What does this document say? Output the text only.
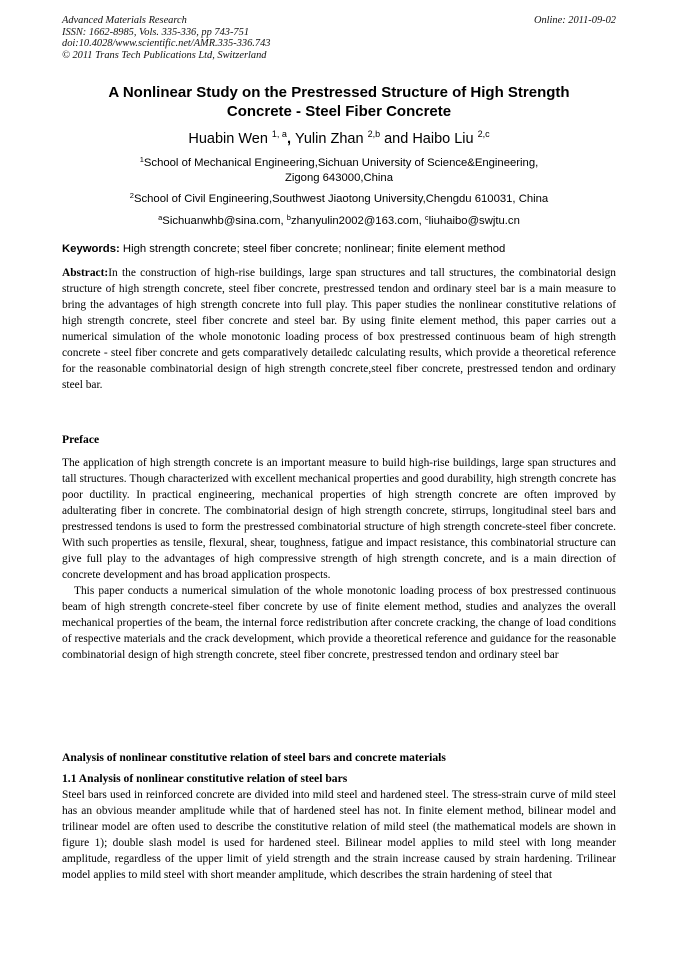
Advanced Materials Research
ISSN: 1662-8985, Vols. 335-336, pp 743-751
doi:10.4028/www.scientific.net/AMR.335-336.743
© 2011 Trans Tech Publications Ltd, Switzerland
Online: 2011-09-02
A Nonlinear Study on the Prestressed Structure of High Strength
Concrete - Steel Fiber Concrete
Huabin Wen $^{1, a}$, Yulin Zhan $^{2,b}$ and Haibo Liu $^{2,c}$
$^1$School of Mechanical Engineering,Sichuan University of Science&Engineering,
Zigong 643000,China
$^2$School of Civil Engineering,Southwest Jiaotong University,Chengdu 610031, China
$^a$Sichuanwhb@sina.com, $^b$zhanyulin2002@163.com, $^c$liuhaibo@swjtu.cn
Keywords: High strength concrete; steel fiber concrete; nonlinear; finite element method

Abstract:In the construction of high-rise buildings, large span structures and tall structures, the combinatorial design structure of high strength concrete, steel fiber concrete, prestressed tendon and ordinary steel bar is a main measure to bring the advantages of high strength concrete into full play. This paper studies the nonlinear constitutive relations of high strength concrete, steel fiber concrete and steel bar. By using finite element method, this paper carries out a numerical simulation of the whole monotonic loading process of box prestressed continuous beam of high strength concrete - steel fiber concrete and gets comparatively detailedc calculating results, which provide a theoretical reference for the reasonable combinatorial design of high strength concrete,steel fiber concrete, prestressed tendon and ordinary steel bar.

Preface

The application of high strength concrete is an important measure to build high-rise buildings, large span structures and tall structures. Though characterized with excellent mechanical properties and good durability, high strength concrete has poor ductility. In practical engineering, mechanical properties of high strength concrete are often improved by adulterating fiber in concrete. The combinatorial design of high strength concrete, stirrups, longitudinal steel bars and prestressed tendons is used to form the prestressed combinatorial structure of high strength concrete-steel fiber concrete. With such properties as tensile, flexural, shear, toughness, fatigue and impact resistance, this combinatorial structure can give full play to the advantages of high compressive strength of high strength concrete, and is a main direction of concrete development and has broad application prospects.

This paper conducts a numerical simulation of the whole monotonic loading process of box prestressed continuous beam of high strength concrete-steel fiber concrete by use of finite element method, studies and analyzes the overall mechanical properties of the beam, the internal force redistribution after concrete cracking, the change of load conditions of respective materials and the crack development, which provide a theoretical reference and guidance for the reasonable combinatorial design of high strength concrete, steel fiber concrete, prestressed tendon and ordinary steel bar

Analysis of nonlinear constitutive relation of steel bars and concrete materials
1.1 Analysis of nonlinear constitutive relation of steel bars

Steel bars used in reinforced concrete are divided into mild steel and hardened steel. The stress-strain curve of mild steel has an obvious meander amplitude while that of hardened steel has not. In finite element method, bilinear model and trilinear model are often used to describe the constitutive relation of mild steel (the mathematical models are shown in figure 1); double slash model is used for hardened steel. Bilinear model applies to mild steel with long meander amplitude, regardless of the upper limit of yield strength and the strain increase caused by strain hardening. Trilinear model applies to mild steel with short meander amplitude, which describes the strain hardening of steel that
